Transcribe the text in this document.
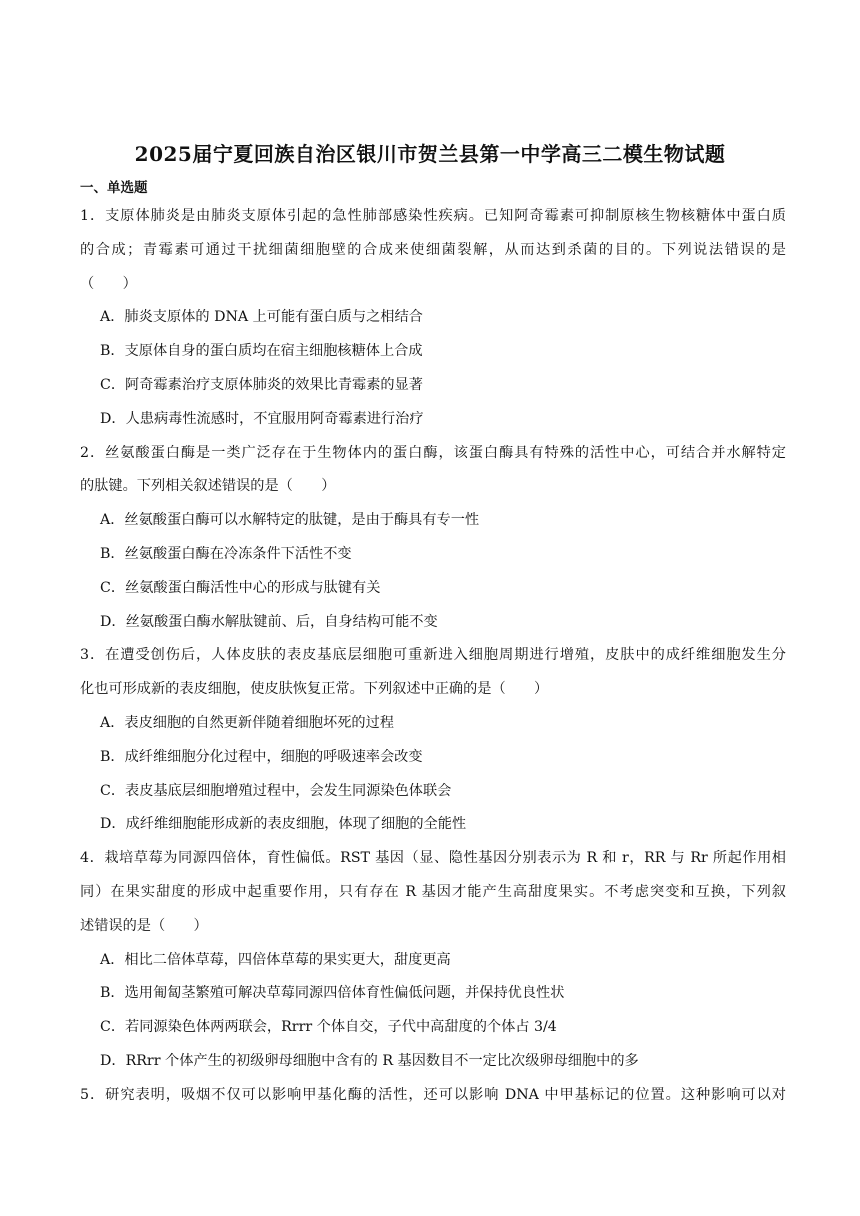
2025届宁夏回族自治区银川市贺兰县第一中学高三二模生物试题
一、单选题
1．支原体肺炎是由肺炎支原体引起的急性肺部感染性疾病。已知阿奇霉素可抑制原核生物核糖体中蛋白质
的合成；青霉素可通过干扰细菌细胞壁的合成来使细菌裂解，从而达到杀菌的目的。下列说法错误的是
（　　）
A．肺炎支原体的 DNA 上可能有蛋白质与之相结合
B．支原体自身的蛋白质均在宿主细胞核糖体上合成
C．阿奇霉素治疗支原体肺炎的效果比青霉素的显著
D．人患病毒性流感时，不宜服用阿奇霉素进行治疗
2．丝氨酸蛋白酶是一类广泛存在于生物体内的蛋白酶，该蛋白酶具有特殊的活性中心，可结合并水解特定
的肽键。下列相关叙述错误的是（　　）
A．丝氨酸蛋白酶可以水解特定的肽键，是由于酶具有专一性
B．丝氨酸蛋白酶在冷冻条件下活性不变
C．丝氨酸蛋白酶活性中心的形成与肽键有关
D．丝氨酸蛋白酶水解肽键前、后，自身结构可能不变
3．在遭受创伤后，人体皮肤的表皮基底层细胞可重新进入细胞周期进行增殖，皮肤中的成纤维细胞发生分
化也可形成新的表皮细胞，使皮肤恢复正常。下列叙述中正确的是（　　）
A．表皮细胞的自然更新伴随着细胞坏死的过程
B．成纤维细胞分化过程中，细胞的呼吸速率会改变
C．表皮基底层细胞增殖过程中，会发生同源染色体联会
D．成纤维细胞能形成新的表皮细胞，体现了细胞的全能性
4．栽培草莓为同源四倍体，育性偏低。RST 基因（显、隐性基因分别表示为 R 和 r，RR 与 Rr 所起作用相
同）在果实甜度的形成中起重要作用，只有存在 R 基因才能产生高甜度果实。不考虑突变和互换，下列叙
述错误的是（　　）
A．相比二倍体草莓，四倍体草莓的果实更大，甜度更高
B．选用匍匐茎繁殖可解决草莓同源四倍体育性偏低问题，并保持优良性状
C．若同源染色体两两联会，Rrrr 个体自交，子代中高甜度的个体占 3/4
D．RRrr 个体产生的初级卵母细胞中含有的 R 基因数目不一定比次级卵母细胞中的多
5．研究表明，吸烟不仅可以影响甲基化酶的活性，还可以影响 DNA 中甲基标记的位置。这种影响可以对
